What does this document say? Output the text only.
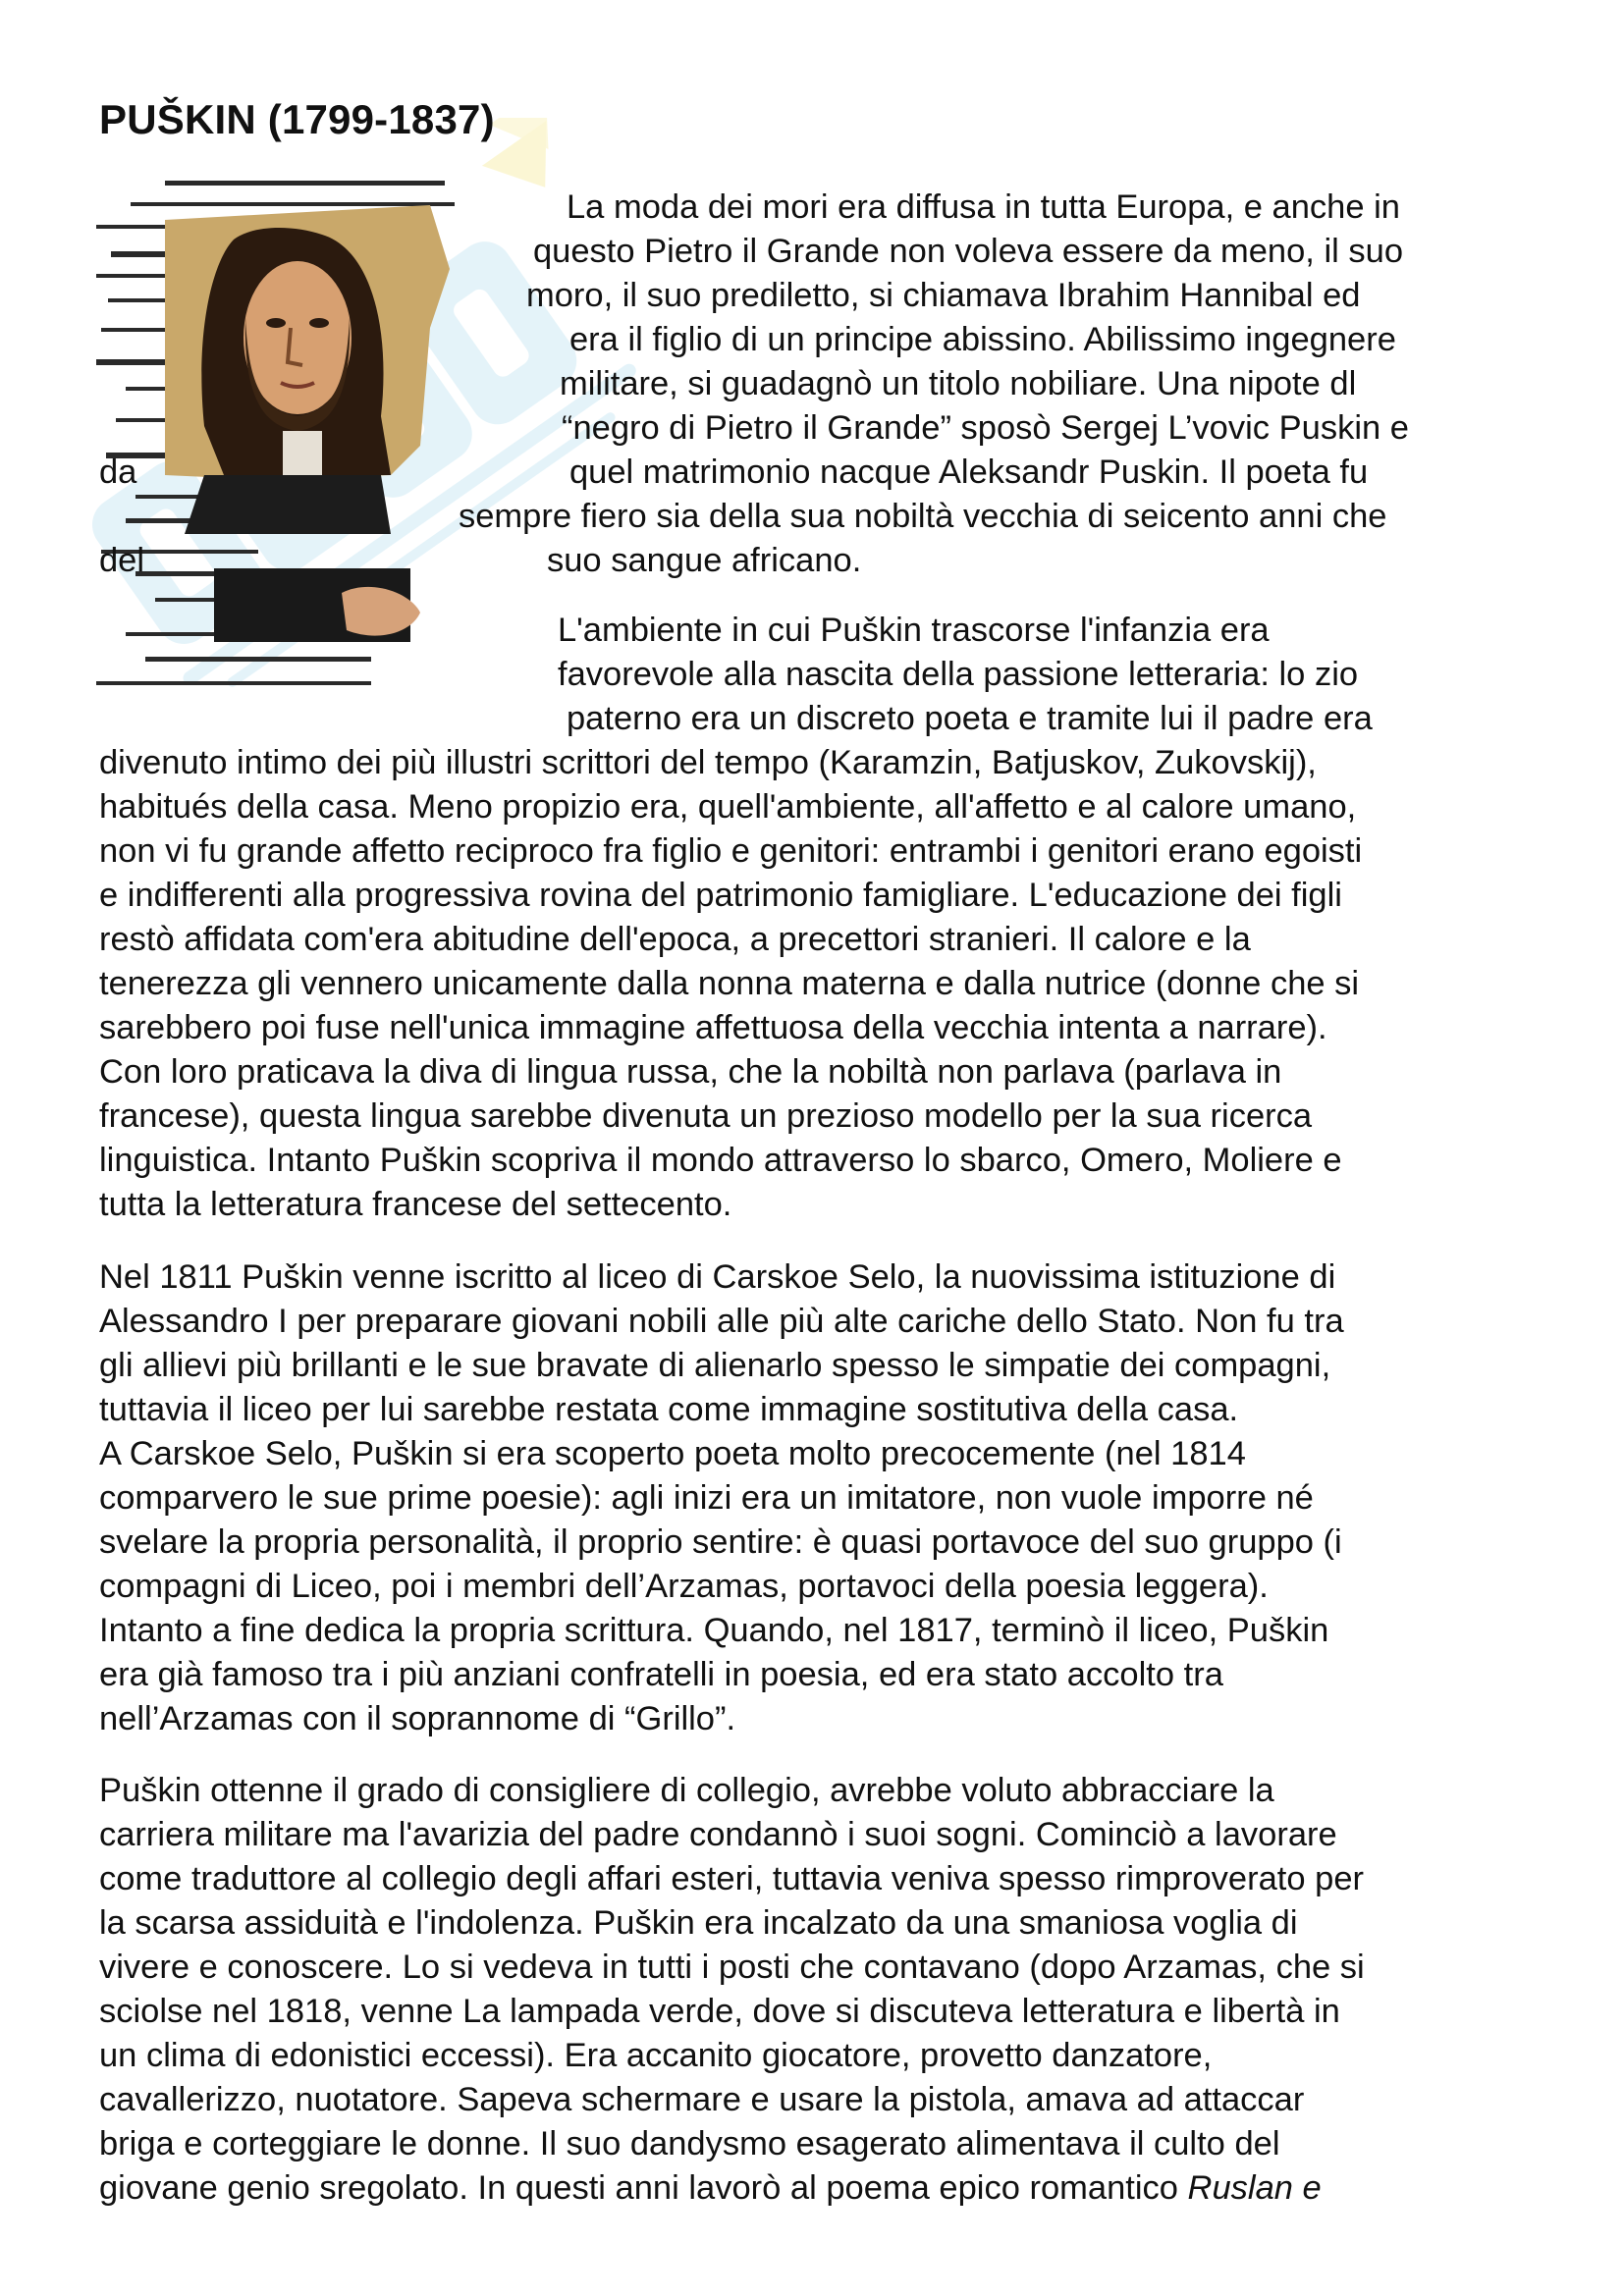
PUŠKIN (1799-1837)
La moda dei mori era diffusa in tutta Europa, e anche in
questo Pietro il Grande non voleva essere da meno, il suo
moro, il suo prediletto, si chiamava Ibrahim Hannibal ed
era il figlio di un principe abissino. Abilissimo ingegnere
militare, si guadagnò un titolo nobiliare. Una nipote dl
“negro di Pietro il Grande” sposò Sergej L’vovic Puskin e
da	quel matrimonio nacque Aleksandr Puskin. Il poeta fu
sempre fiero sia della sua nobiltà vecchia di seicento anni che
del	suo sangue africano.
L'ambiente in cui Puškin trascorse l'infanzia era
favorevole alla nascita della passione letteraria: lo zio
paterno era un discreto poeta e tramite lui il padre era

divenuto intimo dei più illustri scrittori del tempo (Karamzin, Batjuskov, Zukovskij),

habitués della casa. Meno propizio era, quell'ambiente, all'affetto e al calore umano,

non vi fu grande affetto reciproco fra figlio e genitori: entrambi i genitori erano egoisti

e indifferenti alla progressiva rovina del patrimonio famigliare. L'educazione dei figli

restò affidata com'era abitudine dell'epoca, a precettori stranieri. Il calore e la

tenerezza gli vennero unicamente dalla nonna materna e dalla nutrice (donne che si

sarebbero poi fuse nell'unica immagine affettuosa della vecchia intenta a narrare).

Con loro praticava la diva di lingua russa, che la nobiltà non parlava (parlava in

francese), questa lingua sarebbe divenuta un prezioso modello per la sua ricerca

linguistica. Intanto Puškin scopriva il mondo attraverso lo sbarco, Omero, Moliere e

tutta la letteratura francese del settecento.

Nel 1811 Puškin venne iscritto al liceo di Carskoe Selo, la nuovissima istituzione di

Alessandro I per preparare giovani nobili alle più alte cariche dello Stato. Non fu tra

gli allievi più brillanti e le sue bravate di alienarlo spesso le simpatie dei compagni,

tuttavia il liceo per lui sarebbe restata come immagine sostitutiva della casa.

A Carskoe Selo, Puškin si era scoperto poeta molto precocemente (nel 1814

comparvero le sue prime poesie): agli inizi era un imitatore, non vuole imporre né

svelare la propria personalità, il proprio sentire: è quasi portavoce del suo gruppo (i

compagni di Liceo, poi i membri dell’Arzamas, portavoci della poesia leggera).

Intanto a fine dedica la propria scrittura. Quando, nel 1817, terminò il liceo, Puškin

era già famoso tra i più anziani confratelli in poesia, ed era stato accolto tra

nell’Arzamas con il soprannome di “Grillo”.

Puškin ottenne il grado di consigliere di collegio, avrebbe voluto abbracciare la

carriera militare ma l'avarizia del padre condannò i suoi sogni. Cominciò a lavorare

come traduttore al collegio degli affari esteri, tuttavia veniva spesso rimproverato per

la scarsa assiduità e l'indolenza. Puškin era incalzato da una smaniosa voglia di

vivere e conoscere. Lo si vedeva in tutti i posti che contavano (dopo Arzamas, che si

sciolse nel 1818, venne La lampada verde, dove si discuteva letteratura e libertà in

un clima di edonistici eccessi). Era accanito giocatore, provetto danzatore,

cavallerizzo, nuotatore. Sapeva schermare e usare la pistola, amava ad attaccar

briga e corteggiare le donne. Il suo dandysmo esagerato alimentava il culto del

giovane genio sregolato. In questi anni lavorò al poema epico romantico Ruslan e
